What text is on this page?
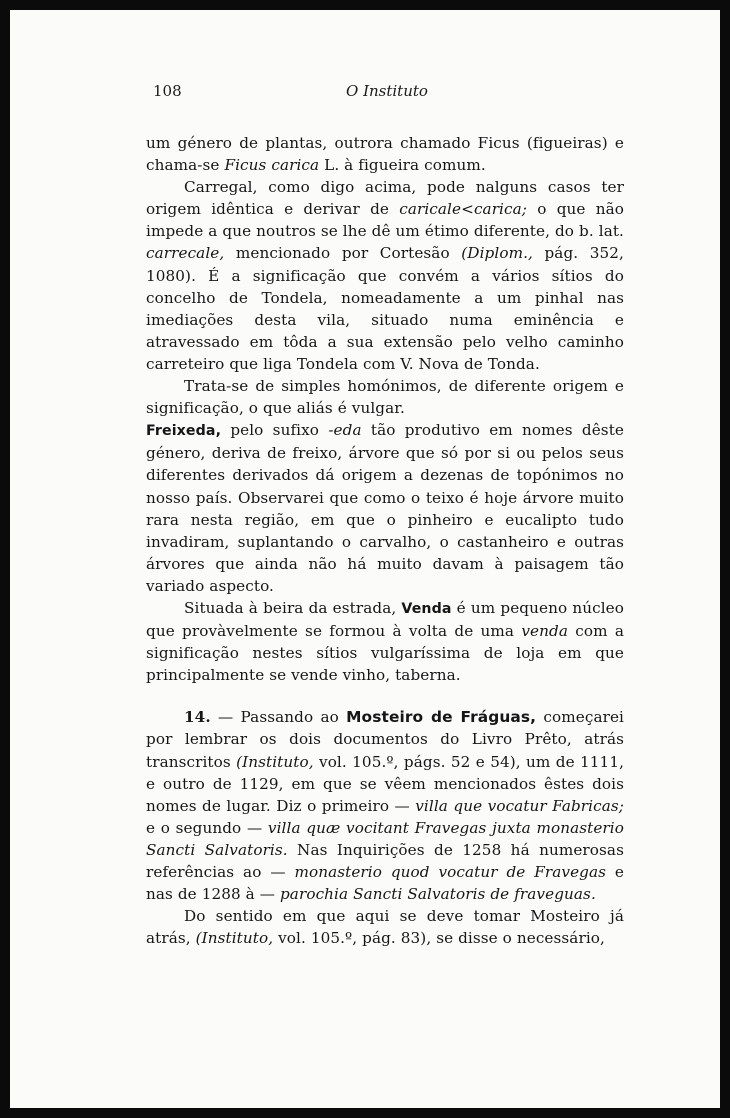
108	O Instituto

um género de plantas, outrora chamado Ficus (figueiras) e chama-se Ficus carica L. à figueira comum.

Carregal, como digo acima, pode nalguns casos ter origem idêntica e derivar de caricale<carica; o que não impede a que noutros se lhe dê um étimo diferente, do b. lat. carrecale, mencionado por Cortesão (Diplom., pág. 352, 1080). É a significação que convém a vários sítios do concelho de Tondela, nomeadamente a um pinhal nas imediações desta vila, situado numa eminência e atravessado em tôda a sua extensão pelo velho caminho carreteiro que liga Tondela com V. Nova de Tonda.

Trata-se de simples homónimos, de diferente origem e significação, o que aliás é vulgar.

Freixeda, pelo sufixo -eda tão produtivo em nomes dêste género, deriva de freixo, árvore que só por si ou pelos seus diferentes derivados dá origem a dezenas de topónimos no nosso país. Observarei que como o teixo é hoje árvore muito rara nesta região, em que o pinheiro e eucalipto tudo invadiram, suplantando o carvalho, o castanheiro e outras árvores que ainda não há muito davam à paisagem tão variado aspecto.

Situada à beira da estrada, Venda é um pequeno núcleo que provàvelmente se formou à volta de uma venda com a significação nestes sítios vulgaríssima de loja em que principalmente se vende vinho, taberna.

14. — Passando ao Mosteiro de Fráguas, começarei por lembrar os dois documentos do Livro Prêto, atrás transcritos (Instituto, vol. 105.º, págs. 52 e 54), um de 1111, e outro de 1129, em que se vêem mencionados êstes dois nomes de lugar. Diz o primeiro — villa que vocatur Fabricas; e o segundo — villa quæ vocitant Fravegas juxta monasterio Sancti Salvatoris. Nas Inquirições de 1258 há numerosas referências ao — monasterio quod vocatur de Fravegas e nas de 1288 à — parochia Sancti Salvatoris de fraveguas.

Do sentido em que aqui se deve tomar Mosteiro já atrás, (Instituto, vol. 105.º, pág. 83), se disse o necessário,
